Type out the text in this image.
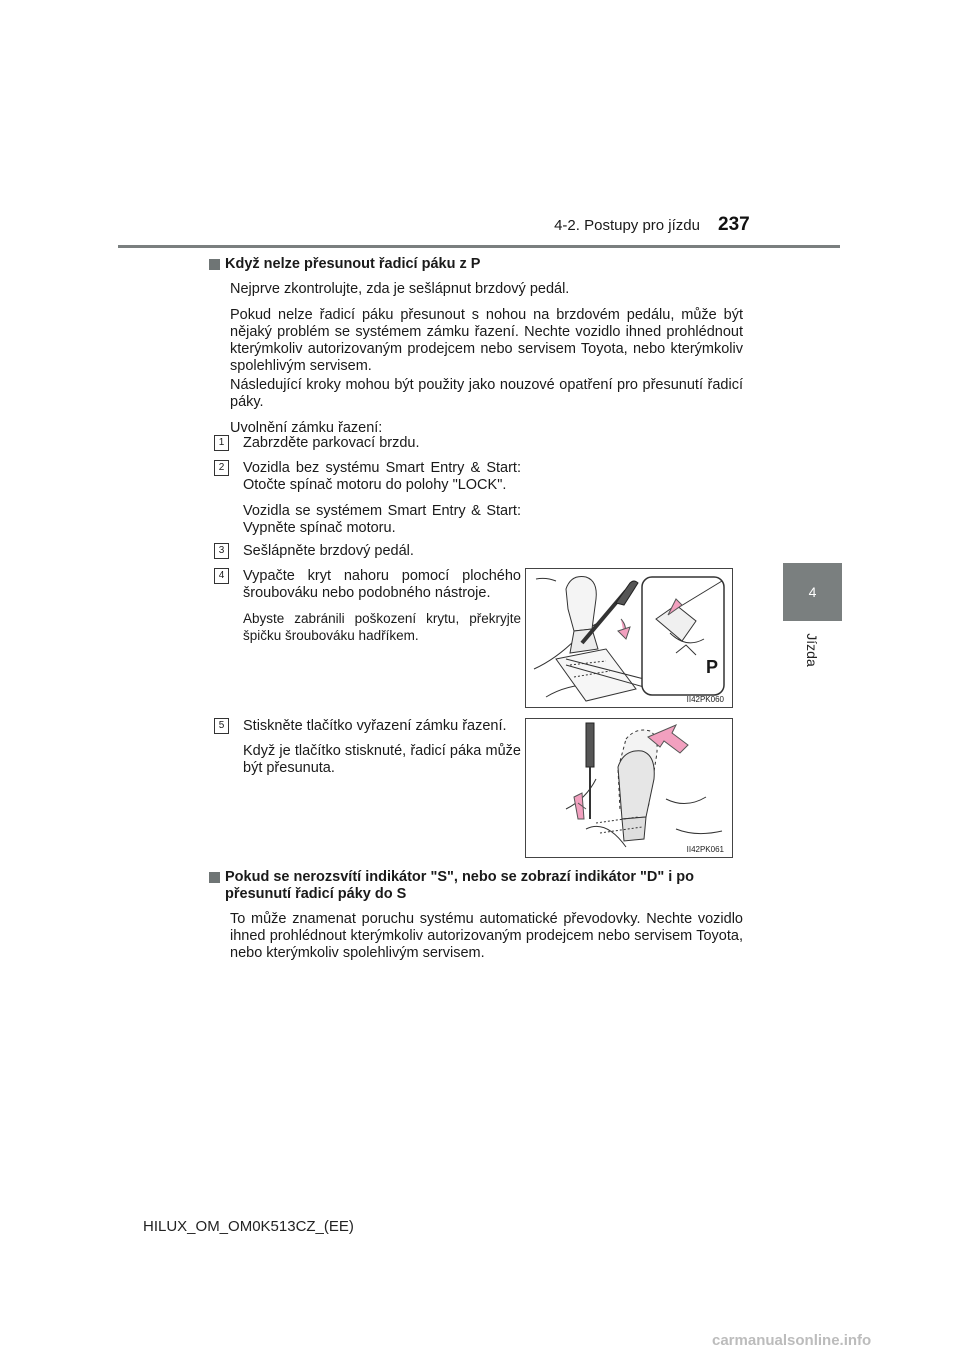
4-2. Postupy pro jízdu 237
4
Jízda
Když nelze přesunout řadicí páku z P
Nejprve zkontrolujte, zda je sešlápnut brzdový pedál.
Pokud nelze řadicí páku přesunout s nohou na brzdovém pedálu, může být nějaký problém se systémem zámku řazení. Nechte vozidlo ihned prohlédnout kterýmkoliv autorizovaným prodejcem nebo servisem Toyota, nebo kterýmkoliv spolehlivým servisem.
Následující kroky mohou být použity jako nouzové opatření pro přesunutí řadicí páky.
Uvolnění zámku řazení:
1	Zabrzděte parkovací brzdu.
2	Vozidla bez systému Smart Entry & Start: Otočte spínač motoru do polohy "LOCK".
Vozidla se systémem Smart Entry & Start: Vypněte spínač motoru.
3	Sešlápněte brzdový pedál.
4	Vypačte kryt nahoru pomocí plochého šroubováku nebo podobného nástroje.
Abyste zabránili poškození krytu, překryjte špičku šroubováku hadříkem.
5	Stiskněte tlačítko vyřazení zámku řazení.
Když je tlačítko stisknuté, řadicí páka může být přesunuta.
P
II42PK060
II42PK061
Pokud se nerozsvítí indikátor "S", nebo se zobrazí indikátor "D" i po přesunutí řadicí páky do S
To může znamenat poruchu systému automatické převodovky. Nechte vozidlo ihned prohlédnout kterýmkoliv autorizovaným prodejcem nebo servisem Toyota, nebo kterýmkoliv spolehlivým servisem.
HILUX_OM_OM0K513CZ_(EE)
carmanualsonline.info
